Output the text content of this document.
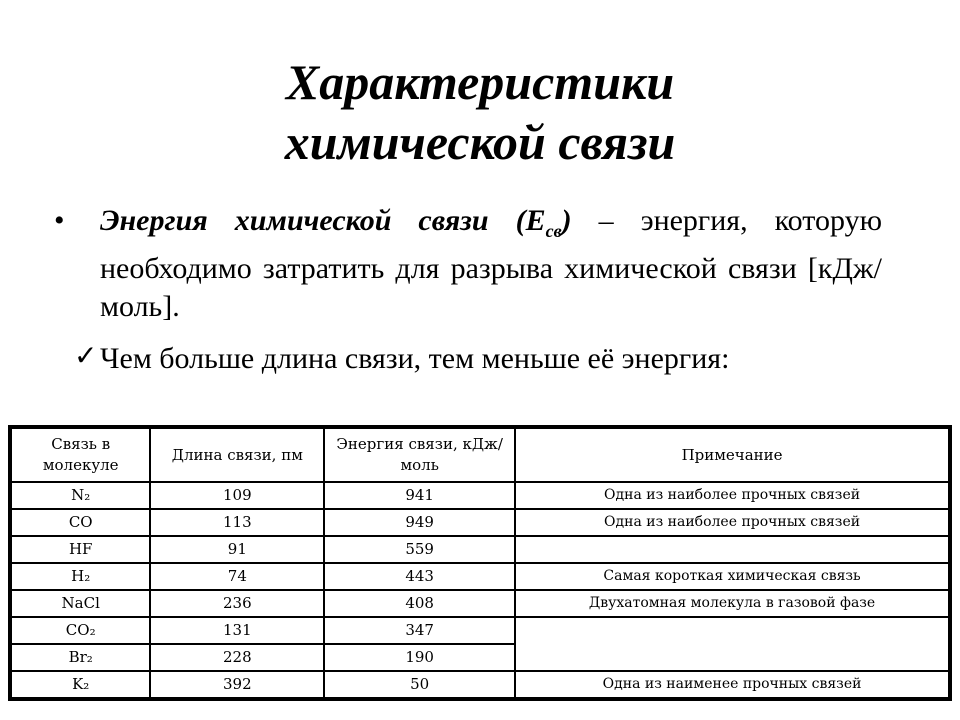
Характеристики
химической связи
•	Энергия химической связи $(Е_{св})$ – энергия, которую необходимо затратить для разрыва химической связи [кДж/моль].
✓ Чем больше длина связи, тем меньше её энергия:
Связь в молекуле	Длина связи, пм	Энергия связи, кДж/моль	Примечание
N₂	109	941	Одна из наиболее прочных связей
CO	113	949	Одна из наиболее прочных связей
HF	91	559	
H₂	74	443	Самая короткая химическая связь
NaCl	236	408	Двухатомная молекула в газовой фазе
CO₂	131	347	
Br₂	228	190	
K₂	392	50	Одна из наименее прочных связей
